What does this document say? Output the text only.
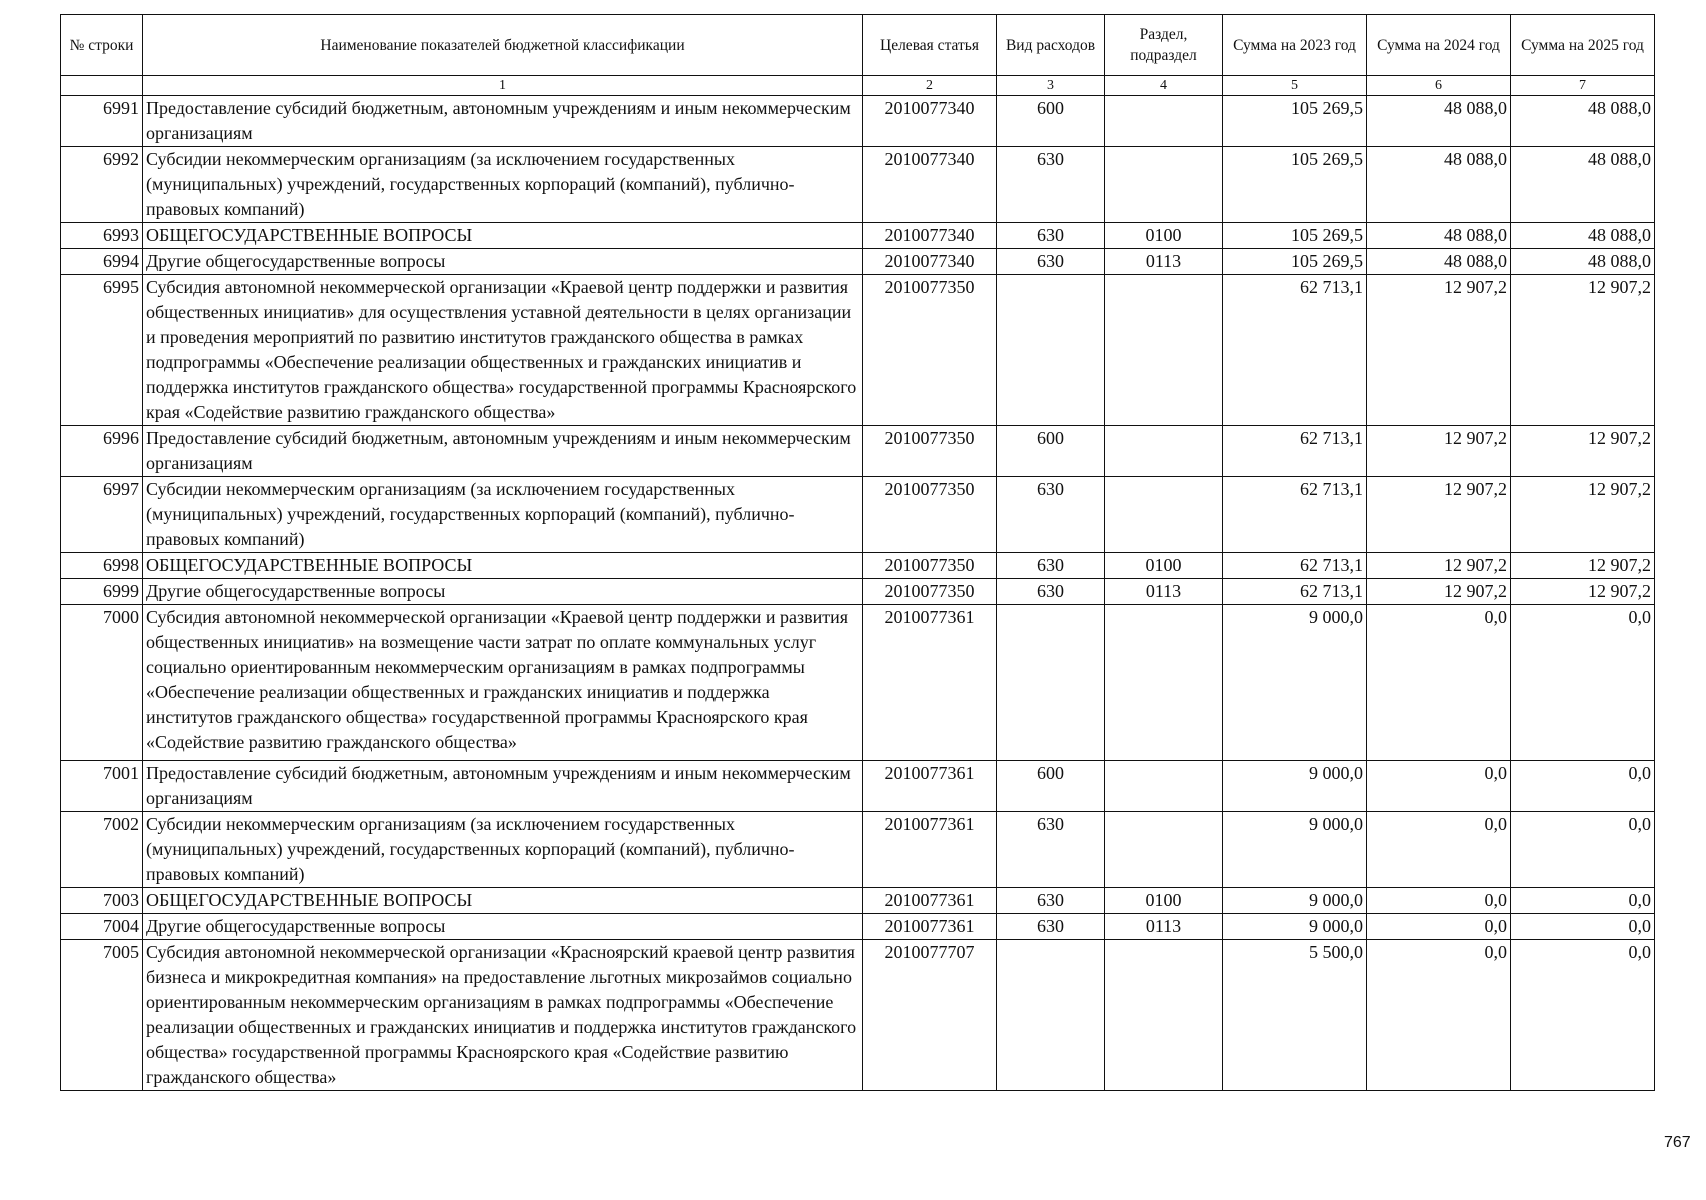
№ строки	Наименование показателей бюджетной классификации	Целевая статья	Вид расходов	Раздел, подраздел	Сумма на 2023 год	Сумма на 2024 год	Сумма на 2025 год
	1	2	3	4	5	6	7
6991	Предоставление субсидий бюджетным, автономным учреждениям и иным некоммерческим организациям	2010077340	600		105 269,5	48 088,0	48 088,0
6992	Субсидии некоммерческим организациям (за исключением государственных (муниципальных) учреждений, государственных корпораций (компаний), публично-правовых компаний)	2010077340	630		105 269,5	48 088,0	48 088,0
6993	ОБЩЕГОСУДАРСТВЕННЫЕ ВОПРОСЫ	2010077340	630	0100	105 269,5	48 088,0	48 088,0
6994	Другие общегосударственные вопросы	2010077340	630	0113	105 269,5	48 088,0	48 088,0
6995	Субсидия автономной некоммерческой организации «Краевой центр поддержки и развития общественных инициатив» для осуществления уставной деятельности в целях организации и проведения мероприятий по развитию институтов гражданского общества в рамках подпрограммы «Обеспечение реализации общественных и гражданских инициатив и поддержка институтов гражданского общества» государственной программы Красноярского края «Содействие развитию гражданского общества»	2010077350			62 713,1	12 907,2	12 907,2
6996	Предоставление субсидий бюджетным, автономным учреждениям и иным некоммерческим организациям	2010077350	600		62 713,1	12 907,2	12 907,2
6997	Субсидии некоммерческим организациям (за исключением государственных (муниципальных) учреждений, государственных корпораций (компаний), публично-правовых компаний)	2010077350	630		62 713,1	12 907,2	12 907,2
6998	ОБЩЕГОСУДАРСТВЕННЫЕ ВОПРОСЫ	2010077350	630	0100	62 713,1	12 907,2	12 907,2
6999	Другие общегосударственные вопросы	2010077350	630	0113	62 713,1	12 907,2	12 907,2
7000	Субсидия автономной некоммерческой организации «Краевой центр поддержки и развития общественных инициатив» на возмещение части затрат по оплате коммунальных услуг социально ориентированным некоммерческим организациям в рамках подпрограммы «Обеспечение реализации общественных и гражданских инициатив и поддержка институтов гражданского общества» государственной программы Красноярского края «Содействие развитию гражданского общества»	2010077361			9 000,0	0,0	0,0
7001	Предоставление субсидий бюджетным, автономным учреждениям и иным некоммерческим организациям	2010077361	600		9 000,0	0,0	0,0
7002	Субсидии некоммерческим организациям (за исключением государственных (муниципальных) учреждений, государственных корпораций (компаний), публично-правовых компаний)	2010077361	630		9 000,0	0,0	0,0
7003	ОБЩЕГОСУДАРСТВЕННЫЕ ВОПРОСЫ	2010077361	630	0100	9 000,0	0,0	0,0
7004	Другие общегосударственные вопросы	2010077361	630	0113	9 000,0	0,0	0,0
7005	Субсидия автономной некоммерческой организации «Красноярский краевой центр развития бизнеса и микрокредитная компания» на предоставление льготных микрозаймов социально ориентированным некоммерческим организациям в рамках подпрограммы «Обеспечение реализации общественных и гражданских инициатив и поддержка институтов гражданского общества» государственной программы Красноярского края «Содействие развитию гражданского общества»	2010077707			5 500,0	0,0	0,0
767
